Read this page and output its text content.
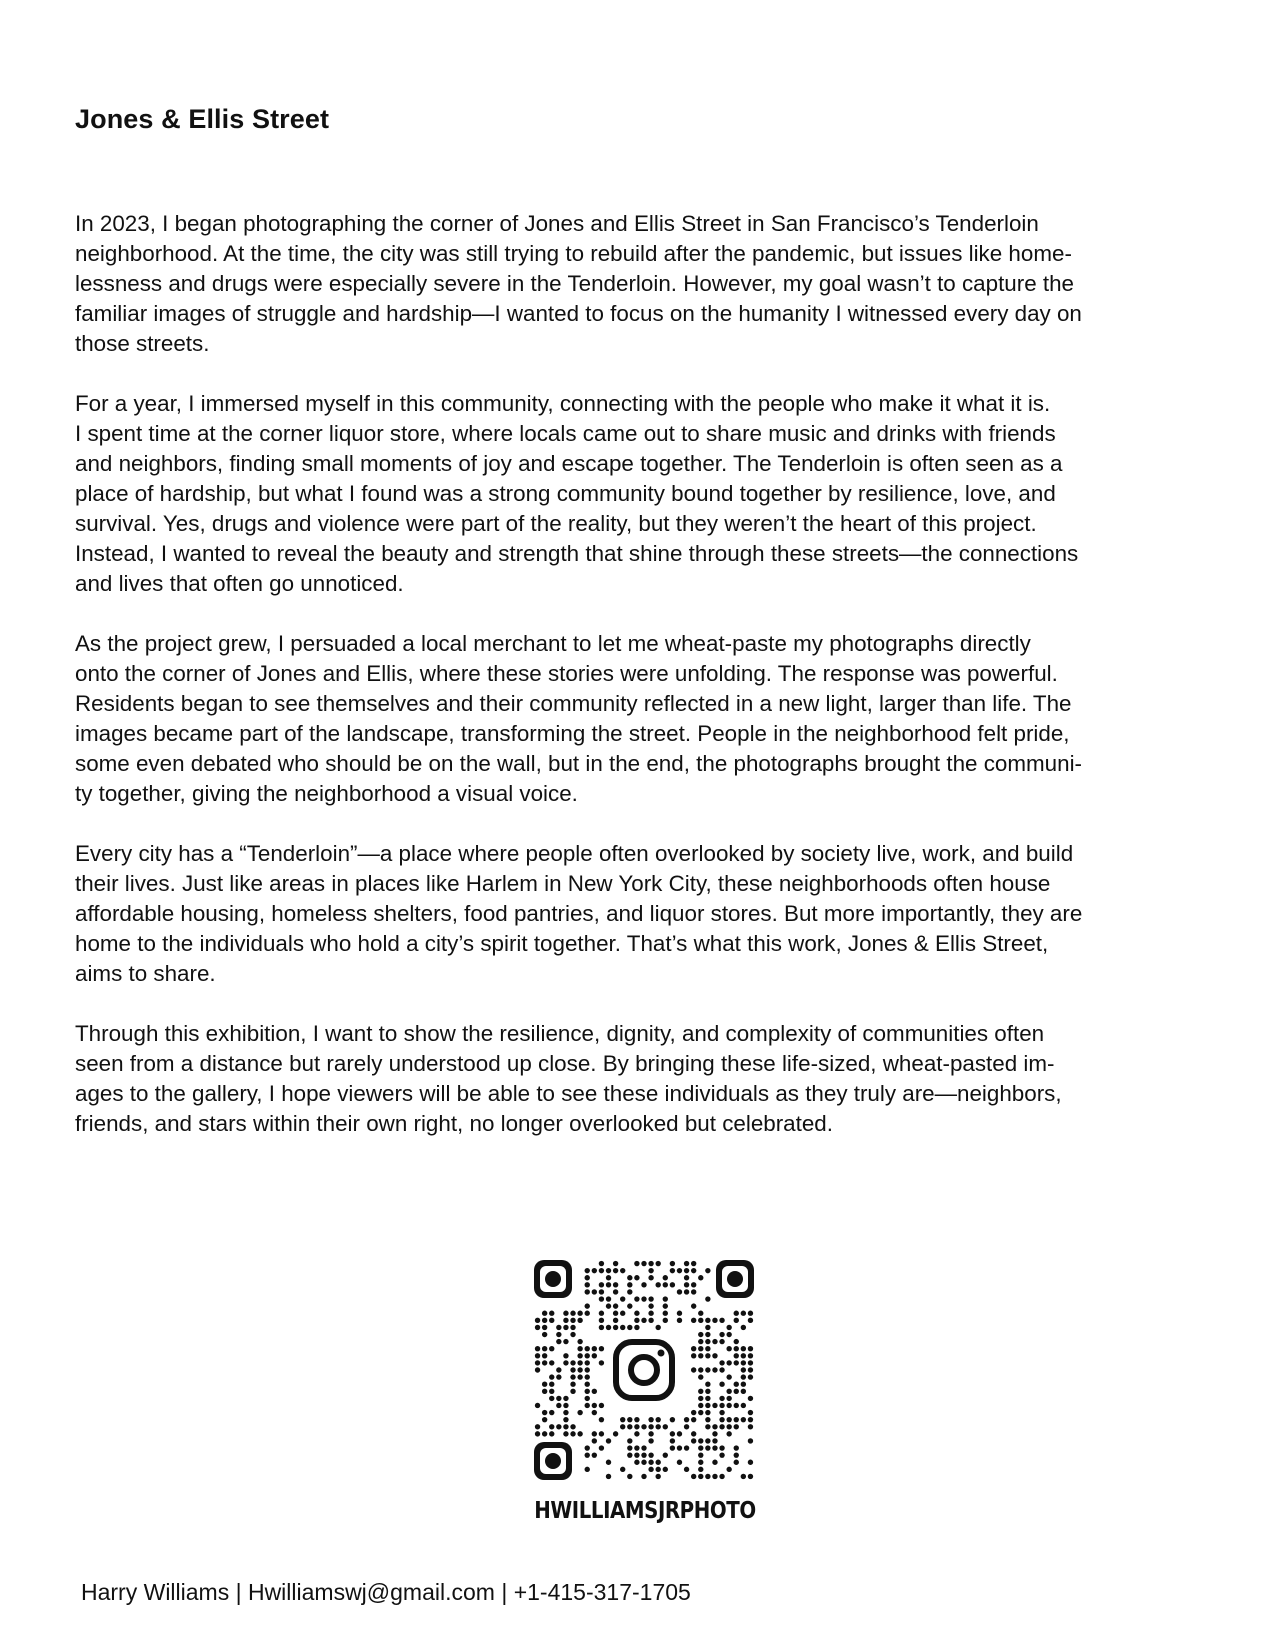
Jones & Ellis Street

In 2023, I began photographing the corner of Jones and Ellis Street in San Francisco’s Tenderloin
neighborhood. At the time, the city was still trying to rebuild after the pandemic, but issues like home-
lessness and drugs were especially severe in the Tenderloin. However, my goal wasn’t to capture the
familiar images of struggle and hardship—I wanted to focus on the humanity I witnessed every day on
those streets.

For a year, I immersed myself in this community, connecting with the people who make it what it is.
I spent time at the corner liquor store, where locals came out to share music and drinks with friends
and neighbors, finding small moments of joy and escape together. The Tenderloin is often seen as a
place of hardship, but what I found was a strong community bound together by resilience, love, and
survival. Yes, drugs and violence were part of the reality, but they weren’t the heart of this project.
Instead, I wanted to reveal the beauty and strength that shine through these streets—the connections
and lives that often go unnoticed.

As the project grew, I persuaded a local merchant to let me wheat-paste my photographs directly
onto the corner of Jones and Ellis, where these stories were unfolding. The response was powerful.
Residents began to see themselves and their community reflected in a new light, larger than life. The
images became part of the landscape, transforming the street. People in the neighborhood felt pride,
some even debated who should be on the wall, but in the end, the photographs brought the communi-
ty together, giving the neighborhood a visual voice.

Every city has a “Tenderloin”—a place where people often overlooked by society live, work, and build
their lives. Just like areas in places like Harlem in New York City, these neighborhoods often house
affordable housing, homeless shelters, food pantries, and liquor stores. But more importantly, they are
home to the individuals who hold a city’s spirit together. That’s what this work, Jones & Ellis Street,
aims to share.

Through this exhibition, I want to show the resilience, dignity, and complexity of communities often
seen from a distance but rarely understood up close. By bringing these life-sized, wheat-pasted im-
ages to the gallery, I hope viewers will be able to see these individuals as they truly are—neighbors,
friends, and stars within their own right, no longer overlooked but celebrated.

HWILLIAMSJRPHOTO
Harry Williams | Hwilliamswj@gmail.com | +1-415-317-1705
